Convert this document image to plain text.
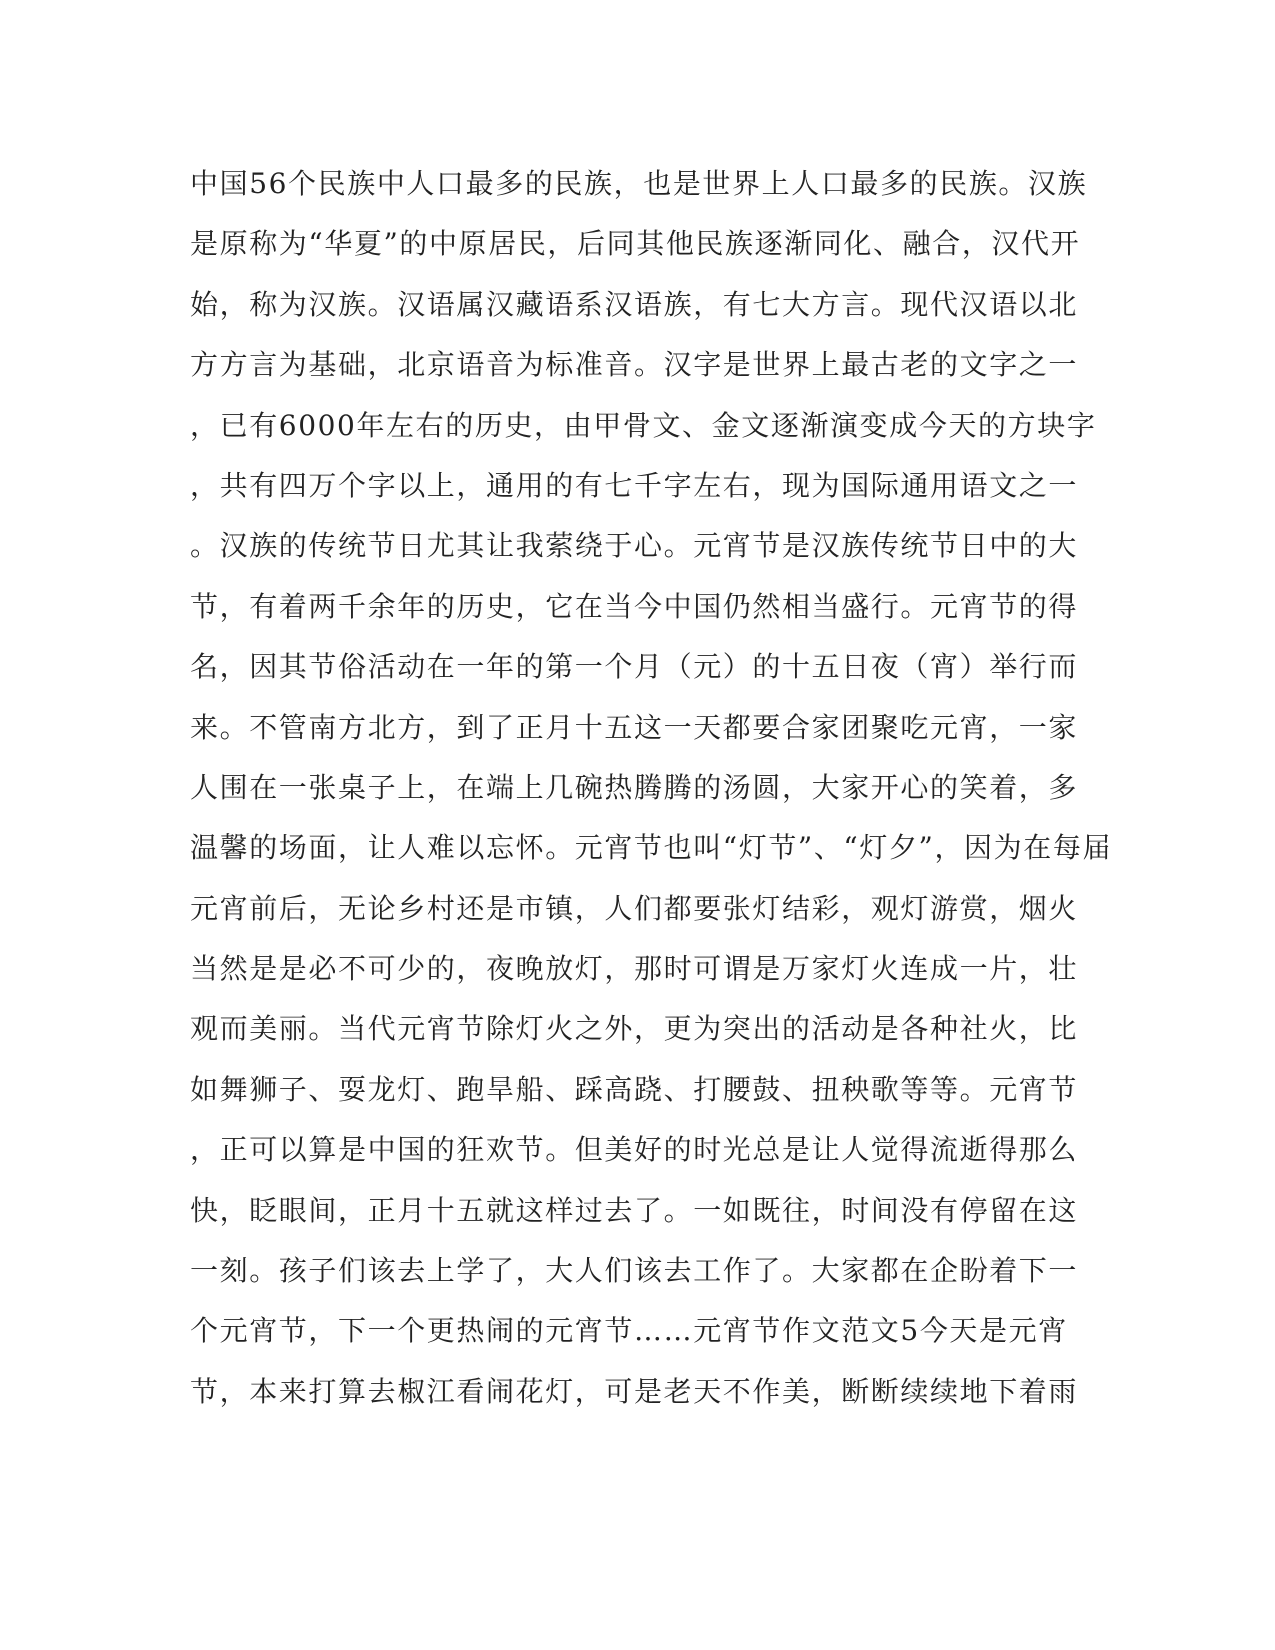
中国56个民族中人口最多的民族，也是世界上人口最多的民族。汉族
是原称为“华夏”的中原居民，后同其他民族逐渐同化、融合，汉代开
始，称为汉族。汉语属汉藏语系汉语族，有七大方言。现代汉语以北
方方言为基础，北京语音为标准音。汉字是世界上最古老的文字之一
，已有6000年左右的历史，由甲骨文、金文逐渐演变成今天的方块字
，共有四万个字以上，通用的有七千字左右，现为国际通用语文之一
。汉族的传统节日尤其让我萦绕于心。元宵节是汉族传统节日中的大
节，有着两千余年的历史，它在当今中国仍然相当盛行。元宵节的得
名，因其节俗活动在一年的第一个月（元）的十五日夜（宵）举行而
来。不管南方北方，到了正月十五这一天都要合家团聚吃元宵，一家
人围在一张桌子上，在端上几碗热腾腾的汤圆，大家开心的笑着，多
温馨的场面，让人难以忘怀。元宵节也叫“灯节”、“灯夕”，因为在每届
元宵前后，无论乡村还是市镇，人们都要张灯结彩，观灯游赏，烟火
当然是是必不可少的，夜晚放灯，那时可谓是万家灯火连成一片，壮
观而美丽。当代元宵节除灯火之外，更为突出的活动是各种社火，比
如舞狮子、耍龙灯、跑旱船、踩高跷、打腰鼓、扭秧歌等等。元宵节
，正可以算是中国的狂欢节。但美好的时光总是让人觉得流逝得那么
快，眨眼间，正月十五就这样过去了。一如既往，时间没有停留在这
一刻。孩子们该去上学了，大人们该去工作了。大家都在企盼着下一
个元宵节，下一个更热闹的元宵节……元宵节作文范文5今天是元宵
节，本来打算去椒江看闹花灯，可是老天不作美，断断续续地下着雨
